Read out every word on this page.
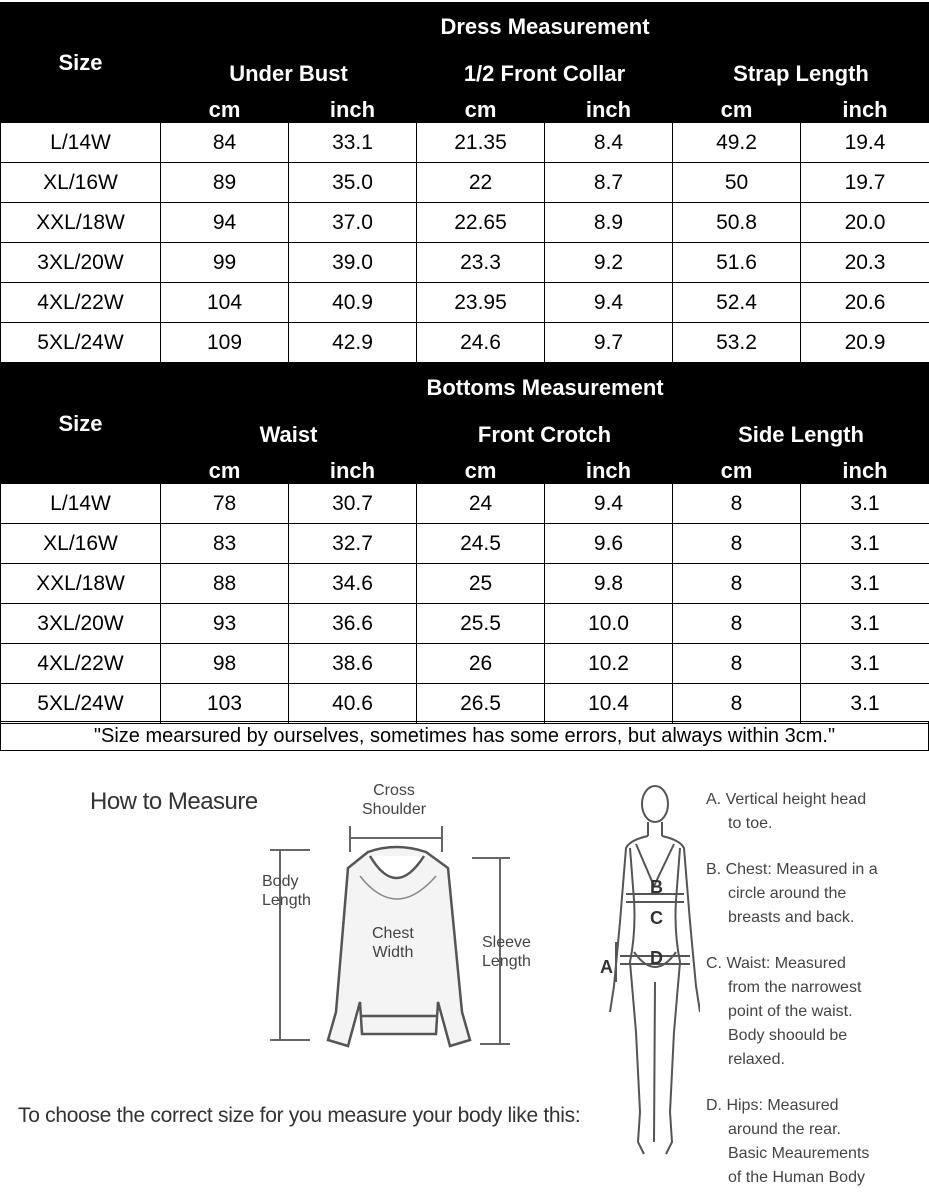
Size	Dress Measurement					
	Under Bust		1/2 Front Collar		Strap Length	
	cm	inch	cm	inch	cm	inch
L/14W	84	33.1	21.35	8.4	49.2	19.4
XL/16W	89	35.0	22	8.7	50	19.7
XXL/18W	94	37.0	22.65	8.9	50.8	20.0
3XL/20W	99	39.0	23.3	9.2	51.6	20.3
4XL/22W	104	40.9	23.95	9.4	52.4	20.6
5XL/24W	109	42.9	24.6	9.7	53.2	20.9
Size	Bottoms Measurement					
	Waist		Front Crotch		Side Length	
	cm	inch	cm	inch	cm	inch
L/14W	78	30.7	24	9.4	8	3.1
XL/16W	83	32.7	24.5	9.6	8	3.1
XXL/18W	88	34.6	25	9.8	8	3.1
3XL/20W	93	36.6	25.5	10.0	8	3.1
4XL/22W	98	38.6	26	10.2	8	3.1
5XL/24W	103	40.6	26.5	10.4	8	3.1
"Size mearsured by ourselves, sometimes has some errors, but always within 3cm."
How to Measure	Cross
Shoulder
Body
Length
Chest
Width
Sleeve
Length
To choose the correct size for you measure your body like this:
B
C
D
A
A. Vertical height head
to toe.
B. Chest: Measured in a
circle around the
breasts and back.
C. Waist: Measured
from the narrowest
point of the waist.
Body shoould be
relaxed.
D. Hips: Measured
around the rear.
Basic Meaurements
of the Human Body
